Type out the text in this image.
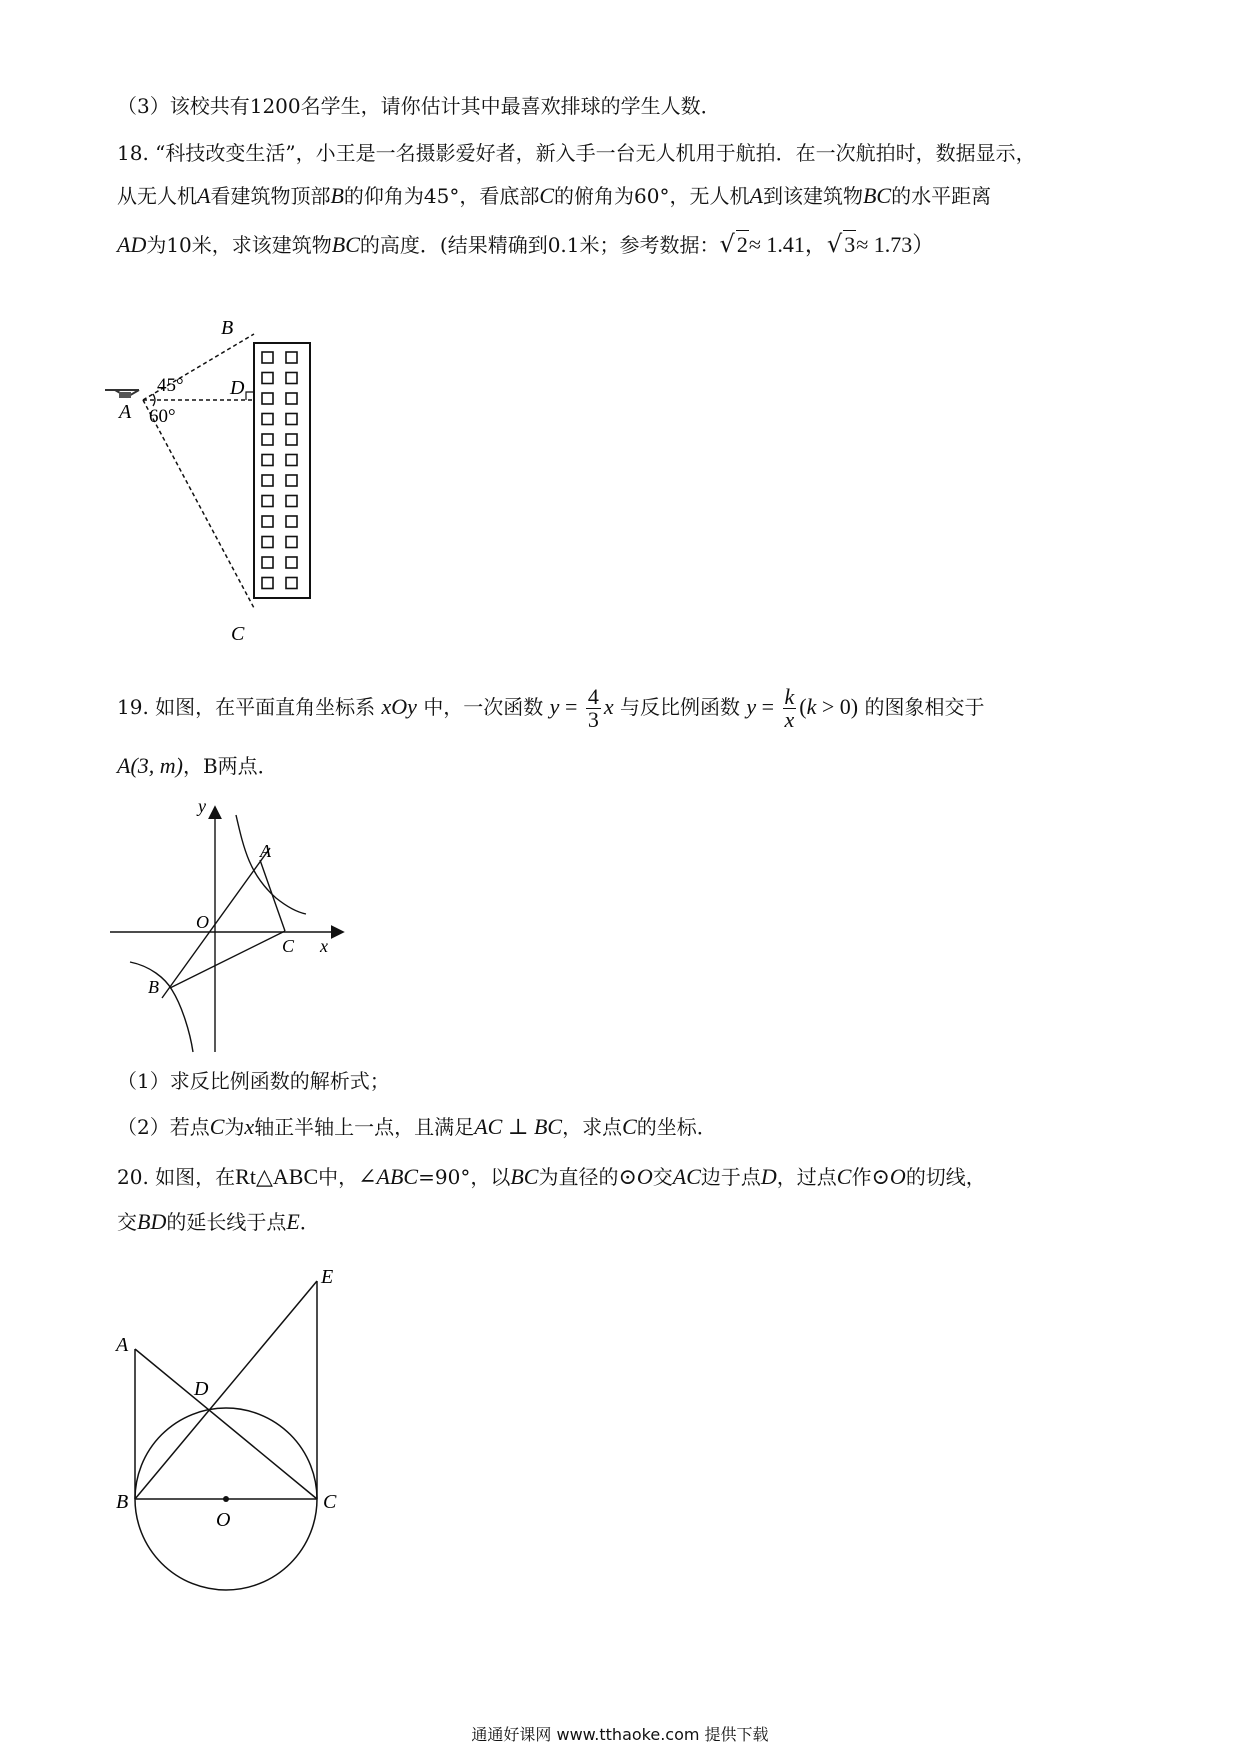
（3）该校共有1200名学生，请你估计其中最喜欢排球的学生人数．
18. “科技改变生活”，小王是一名摄影爱好者，新入手一台无人机用于航拍．在一次航拍时，数据显示，
从无人机A看建筑物顶部B的仰角为45°，看底部C的俯角为60°，无人机A到该建筑物BC的水平距离
AD为10米，求该建筑物BC的高度．(结果精确到0.1米；参考数据：√2≈ 1.41，√3≈ 1.73）
B
D
A
C
45°
60°
19. 如图，在平面直角坐标系 xOy 中，一次函数 $y = \frac{4}{3}$ x 与反比例函数 $y = \frac{k}{x} (k > 0)$ 的图象相交于
A(3, m)，B两点．
y
x
O
A
B
C
（1）求反比例函数的解析式；
（2）若点C为x轴正半轴上一点，且满足AC ⊥ BC，求点C的坐标．
20. 如图，在Rt△ABC中，∠ABC=90°，以BC为直径的⊙O交AC边于点D，过点C作⊙O的切线，
交BD的延长线于点E．
A
B	C
D
E
O
通通好课网 www.tthaoke.com 提供下载
